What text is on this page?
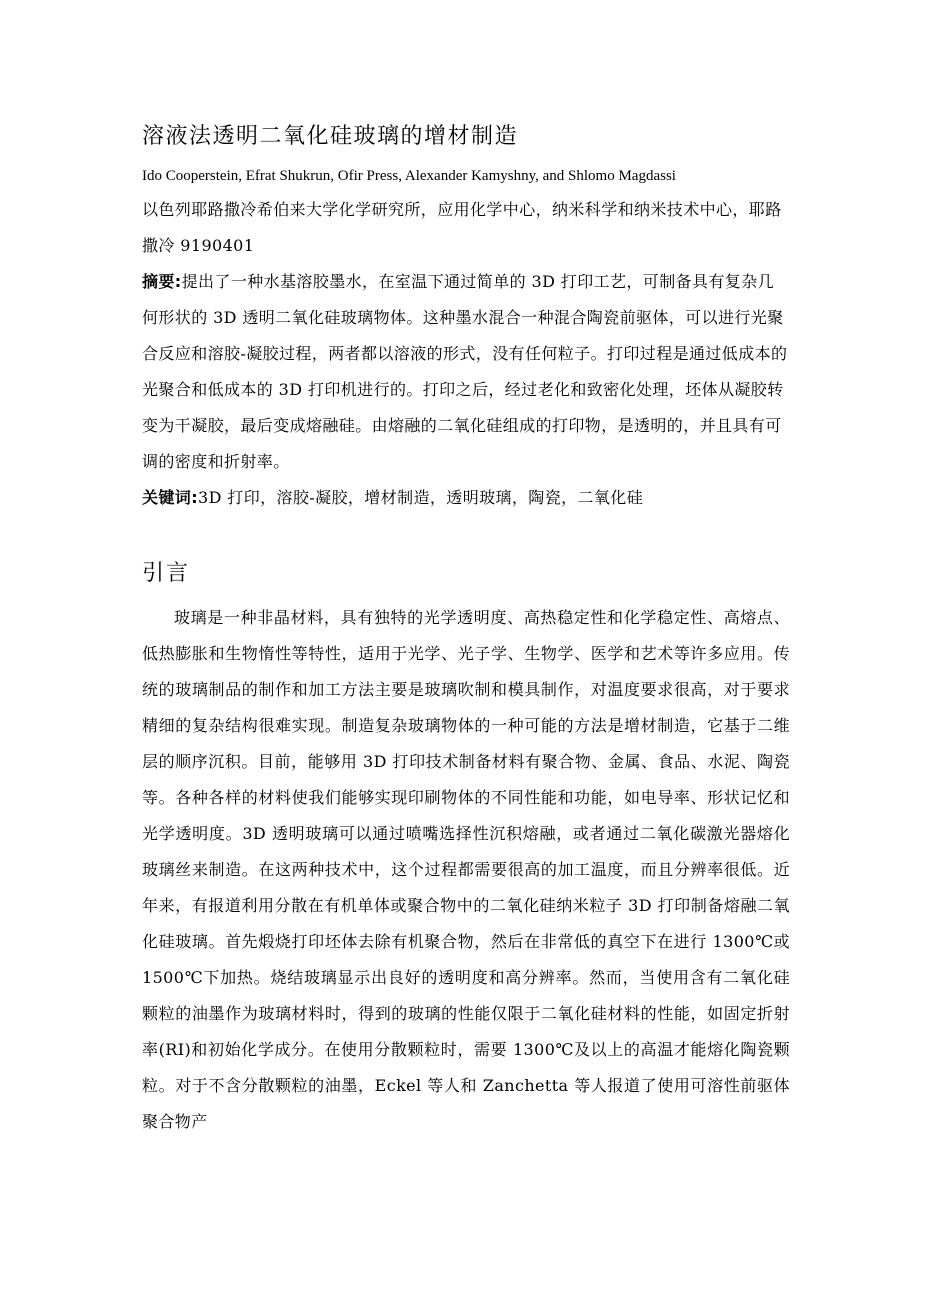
溶液法透明二氧化硅玻璃的增材制造

Ido Cooperstein, Efrat Shukrun, Ofir Press, Alexander Kamyshny, and Shlomo Magdassi

以色列耶路撒冷希伯来大学化学研究所，应用化学中心，纳米科学和纳米技术中心，耶路撒冷 9190401

摘要:提出了一种水基溶胶墨水，在室温下通过简单的 3D 打印工艺，可制备具有复杂几何形状的 3D 透明二氧化硅玻璃物体。这种墨水混合一种混合陶瓷前驱体，可以进行光聚合反应和溶胶-凝胶过程，两者都以溶液的形式，没有任何粒子。打印过程是通过低成本的光聚合和低成本的 3D 打印机进行的。打印之后，经过老化和致密化处理，坯体从凝胶转变为干凝胶，最后变成熔融硅。由熔融的二氧化硅组成的打印物，是透明的，并且具有可调的密度和折射率。

关键词:3D 打印，溶胶-凝胶，增材制造，透明玻璃，陶瓷，二氧化硅

引言

玻璃是一种非晶材料，具有独特的光学透明度、高热稳定性和化学稳定性、高熔点、低热膨胀和生物惰性等特性，适用于光学、光子学、生物学、医学和艺术等许多应用。传统的玻璃制品的制作和加工方法主要是玻璃吹制和模具制作，对温度要求很高，对于要求精细的复杂结构很难实现。制造复杂玻璃物体的一种可能的方法是增材制造，它基于二维层的顺序沉积。目前，能够用 3D 打印技术制备材料有聚合物、金属、食品、水泥、陶瓷等。各种各样的材料使我们能够实现印刷物体的不同性能和功能，如电导率、形状记忆和光学透明度。3D 透明玻璃可以通过喷嘴选择性沉积熔融，或者通过二氧化碳激光器熔化玻璃丝来制造。在这两种技术中，这个过程都需要很高的加工温度，而且分辨率很低。近年来，有报道利用分散在有机单体或聚合物中的二氧化硅纳米粒子 3D 打印制备熔融二氧化硅玻璃。首先煅烧打印坯体去除有机聚合物，然后在非常低的真空下在进行 1300℃或 1500℃下加热。烧结玻璃显示出良好的透明度和高分辨率。然而，当使用含有二氧化硅颗粒的油墨作为玻璃材料时，得到的玻璃的性能仅限于二氧化硅材料的性能，如固定折射率(RI)和初始化学成分。在使用分散颗粒时，需要 1300℃及以上的高温才能熔化陶瓷颗粒。对于不含分散颗粒的油墨，Eckel 等人和 Zanchetta 等人报道了使用可溶性前驱体聚合物产
